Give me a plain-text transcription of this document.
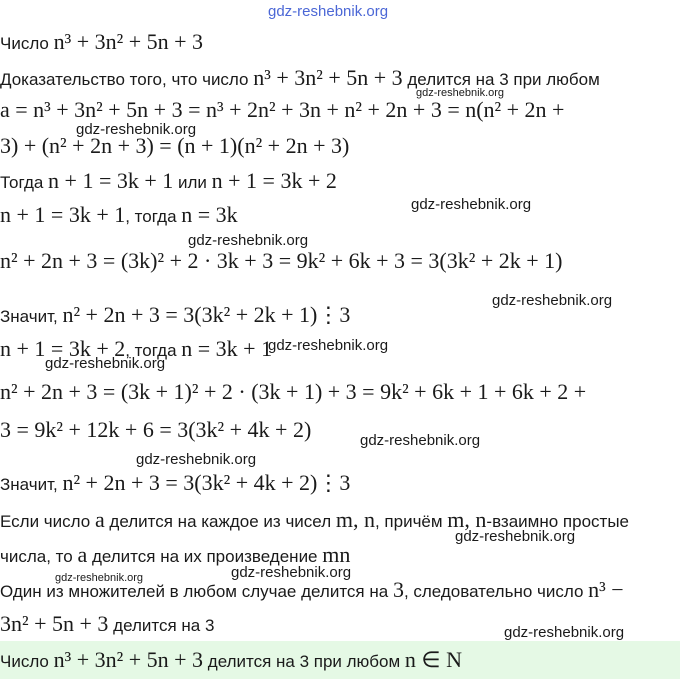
gdz-reshebnik.org
gdz-reshebnik.org
gdz-reshebnik.org
gdz-reshebnik.org
gdz-reshebnik.org
gdz-reshebnik.org
gdz-reshebnik.org
gdz-reshebnik.org
gdz-reshebnik.org
gdz-reshebnik.org
gdz-reshebnik.org
gdz-reshebnik.org	gdz-reshebnik.org
gdz-reshebnik.org
Число n³ + 3n² + 5n + 3
Доказательство того, что число n³ + 3n² + 5n + 3 делится на 3 при любом
a = n³ + 3n² + 5n + 3 = n³ + 2n² + 3n + n² + 2n + 3 = n(n² + 2n +
3) + (n² + 2n + 3) = (n + 1)(n² + 2n + 3)
Тогда n + 1 = 3k + 1 или n + 1 = 3k + 2
n + 1 = 3k + 1, тогда n = 3k
n² + 2n + 3 = (3k)² + 2 · 3k + 3 = 9k² + 6k + 3 = 3(3k² + 2k + 1)
Значит, n² + 2n + 3 = 3(3k² + 2k + 1)⋮3
n + 1 = 3k + 2, тогда n = 3k + 1
n² + 2n + 3 = (3k + 1)² + 2 · (3k + 1) + 3 = 9k² + 6k + 1 + 6k + 2 +
3 = 9k² + 12k + 6 = 3(3k² + 4k + 2)
Значит, n² + 2n + 3 = 3(3k² + 4k + 2)⋮3
Если число a делится на каждое из чисел m, n, причём m, n-взаимно простые
числа, то a делится на их произведение mn
Один из множителей в любом случае делится на 3, следовательно число n³ −
3n² + 5n + 3 делится на 3
Число n³ + 3n² + 5n + 3 делится на 3 при любом n ∈ N
